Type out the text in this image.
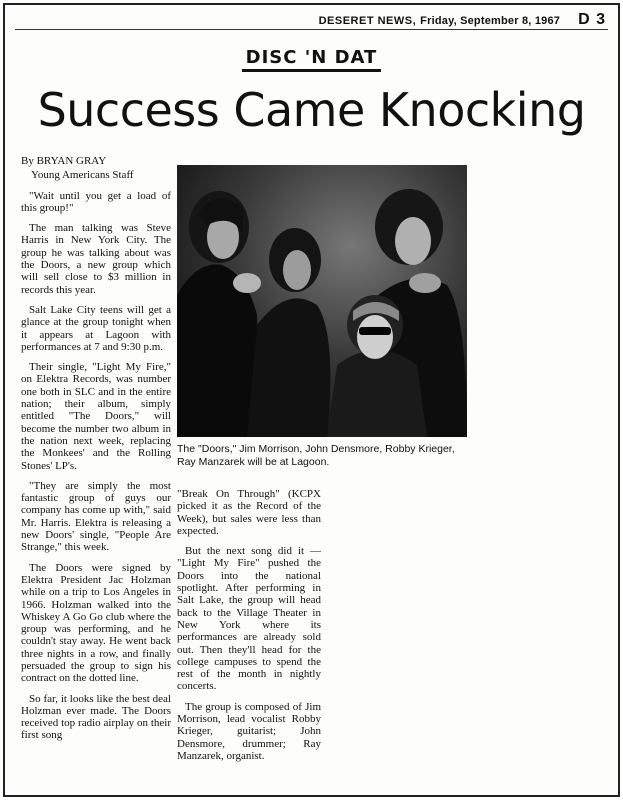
DESERET NEWS, Friday, September 8, 1967 D 3
DISC 'N DAT
Success Came Knocking

By BRYAN GRAY

Young Americans Staff

"Wait until you get a load of this group!"

The man talking was Steve Harris in New York City. The group he was talking about was the Doors, a new group which will sell close to $3 million in records this year.

Salt Lake City teens will get a glance at the group tonight when it appears at Lagoon with performances at 7 and 9:30 p.m.

Their single, "Light My Fire," on Elektra Records, was number one both in SLC and in the entire nation; their album, simply entitled "The Doors," will become the number two album in the nation next week, replacing the Monkees' and the Rolling Stones' LP's.

"They are simply the most fantastic group of guys our company has come up with," said Mr. Harris. Elektra is releasing a new Doors' single, "People Are Strange," this week.

The Doors were signed by Elektra President Jac Holzman while on a trip to Los Angeles in 1966. Holzman walked into the Whiskey A Go Go club where the group was performing, and he couldn't stay away. He went back three nights in a row, and finally persuaded the group to sign his contract on the dotted line.

So far, it looks like the best deal Holzman ever made. The Doors received top radio airplay on their first song

The "Doors," Jim Morrison, John Densmore, Robby Krieger, Ray Manzarek will be at Lagoon.

"Break On Through" (KCPX picked it as the Record of the Week), but sales were less than expected.

But the next song did it — "Light My Fire" pushed the Doors into the national spotlight. After performing in Salt Lake, the group will head back to the Village Theater in New York where its performances are already sold out. Then they'll head for the college campuses to spend the rest of the month in nightly concerts.

The group is composed of Jim Morrison, lead vocalist Robby Krieger, guitarist; John Densmore, drummer; Ray Manzarek, organist.
